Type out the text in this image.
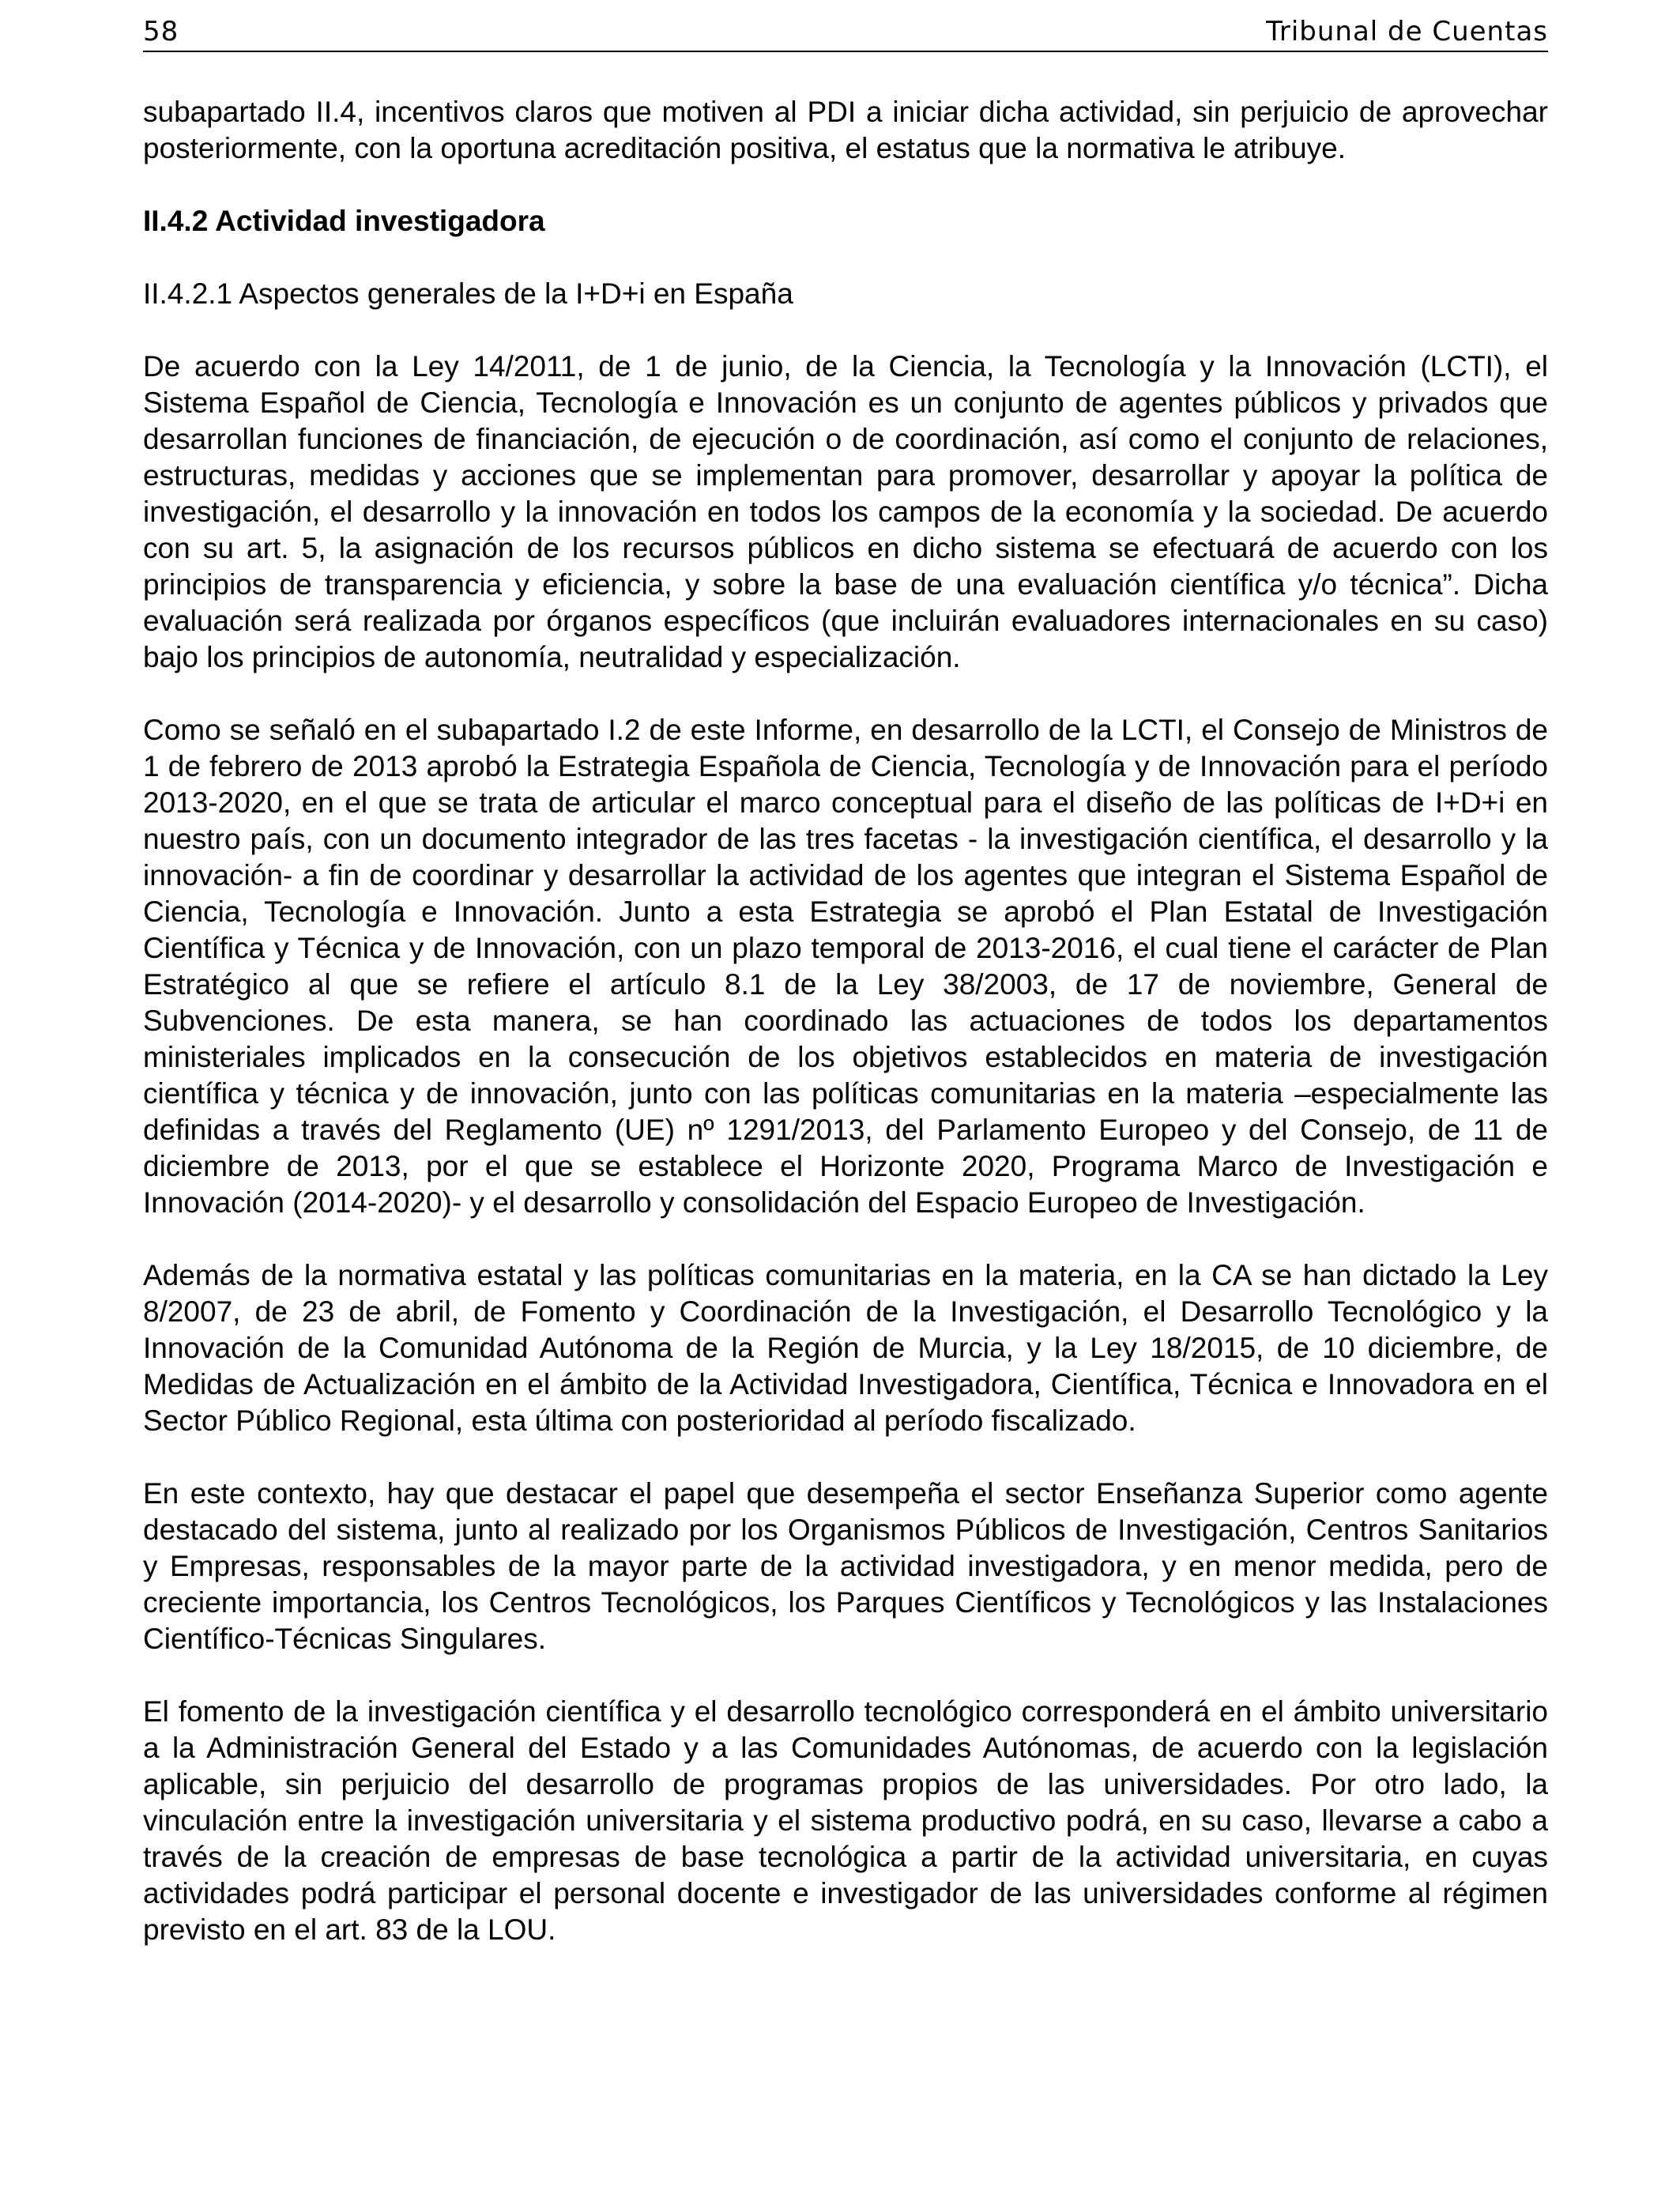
58	Tribunal de Cuentas

subapartado II.4, incentivos claros que motiven al PDI a iniciar dicha actividad, sin perjuicio de aprovechar posteriormente, con la oportuna acreditación positiva, el estatus que la normativa le atribuye.

II.4.2 Actividad investigadora
II.4.2.1 Aspectos generales de la I+D+i en España

De acuerdo con la Ley 14/2011, de 1 de junio, de la Ciencia, la Tecnología y la Innovación (LCTI), el Sistema Español de Ciencia, Tecnología e Innovación es un conjunto de agentes públicos y privados que desarrollan funciones de financiación, de ejecución o de coordinación, así como el conjunto de relaciones, estructuras, medidas y acciones que se implementan para promover, desarrollar y apoyar la política de investigación, el desarrollo y la innovación en todos los campos de la economía y la sociedad. De acuerdo con su art. 5, la asignación de los recursos públicos en dicho sistema se efectuará de acuerdo con los principios de transparencia y eficiencia, y sobre la base de una evaluación científica y/o técnica”. Dicha evaluación será realizada por órganos específicos (que incluirán evaluadores internacionales en su caso) bajo los principios de autonomía, neutralidad y especialización.

Como se señaló en el subapartado I.2 de este Informe, en desarrollo de la LCTI, el Consejo de Ministros de 1 de febrero de 2013 aprobó la Estrategia Española de Ciencia, Tecnología y de Innovación para el período 2013-2020, en el que se trata de articular el marco conceptual para el diseño de las políticas de I+D+i en nuestro país, con un documento integrador de las tres facetas - la investigación científica, el desarrollo y la innovación- a fin de coordinar y desarrollar la actividad de los agentes que integran el Sistema Español de Ciencia, Tecnología e Innovación. Junto a esta Estrategia se aprobó el Plan Estatal de Investigación Científica y Técnica y de Innovación, con un plazo temporal de 2013-2016, el cual tiene el carácter de Plan Estratégico al que se refiere el artículo 8.1 de la Ley 38/2003, de 17 de noviembre, General de Subvenciones. De esta manera, se han coordinado las actuaciones de todos los departamentos ministeriales implicados en la consecución de los objetivos establecidos en materia de investigación científica y técnica y de innovación, junto con las políticas comunitarias en la materia –especialmente las definidas a través del Reglamento (UE) nº 1291/2013, del Parlamento Europeo y del Consejo, de 11 de diciembre de 2013, por el que se establece el Horizonte 2020, Programa Marco de Investigación e Innovación (2014-2020)- y el desarrollo y consolidación del Espacio Europeo de Investigación.

Además de la normativa estatal y las políticas comunitarias en la materia, en la CA se han dictado la Ley 8/2007, de 23 de abril, de Fomento y Coordinación de la Investigación, el Desarrollo Tecnológico y la Innovación de la Comunidad Autónoma de la Región de Murcia, y la Ley 18/2015, de 10 diciembre, de Medidas de Actualización en el ámbito de la Actividad Investigadora, Científica, Técnica e Innovadora en el Sector Público Regional, esta última con posterioridad al período fiscalizado.

En este contexto, hay que destacar el papel que desempeña el sector Enseñanza Superior como agente destacado del sistema, junto al realizado por los Organismos Públicos de Investigación, Centros Sanitarios y Empresas, responsables de la mayor parte de la actividad investigadora, y en menor medida, pero de creciente importancia, los Centros Tecnológicos, los Parques Científicos y Tecnológicos y las Instalaciones Científico-Técnicas Singulares.

El fomento de la investigación científica y el desarrollo tecnológico corresponderá en el ámbito universitario a la Administración General del Estado y a las Comunidades Autónomas, de acuerdo con la legislación aplicable, sin perjuicio del desarrollo de programas propios de las universidades. Por otro lado, la vinculación entre la investigación universitaria y el sistema productivo podrá, en su caso, llevarse a cabo a través de la creación de empresas de base tecnológica a partir de la actividad universitaria, en cuyas actividades podrá participar el personal docente e investigador de las universidades conforme al régimen previsto en el art. 83 de la LOU.
